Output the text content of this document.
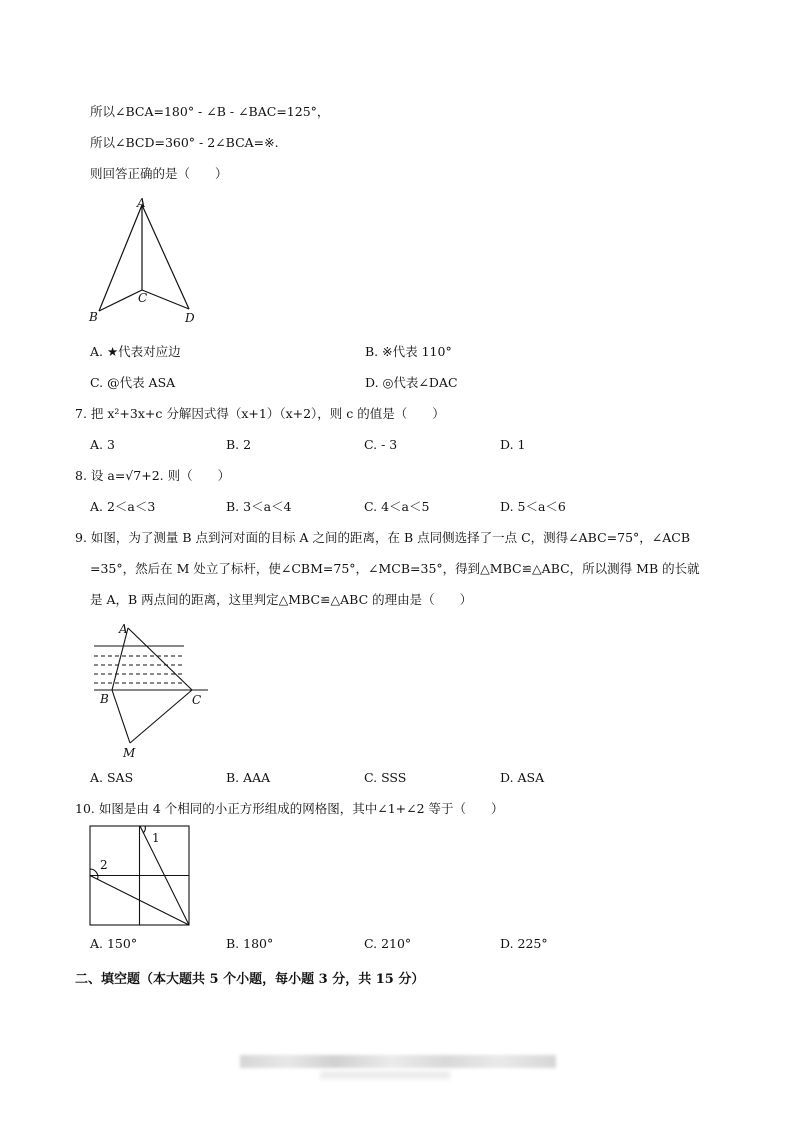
所以∠BCA=180° - ∠B - ∠BAC=125°，
所以∠BCD=360° - 2∠BCA=※.
则回答正确的是（　　）
A
B
C
D
A. ★代表对应边	B. ※代表 110°
C. @代表 ASA	D. ◎代表∠DAC
7. 把 x²+3x+c 分解因式得（x+1）（x+2），则 c 的值是（　　）
A. 3	B. 2	C. - 3	D. 1
8. 设 a=√7+2. 则（　　）
A. 2＜a＜3	B. 3＜a＜4	C. 4＜a＜5	D. 5＜a＜6
9. 如图，为了测量 B 点到河对面的目标 A 之间的距离，在 B 点同侧选择了一点 C，测得∠ABC=75°，∠ACB
=35°，然后在 M 处立了标杆，使∠CBM=75°，∠MCB=35°，得到△MBC≌△ABC，所以测得 MB 的长就
是 A，B 两点间的距离，这里判定△MBC≌△ABC 的理由是（　　）
A
B	C
M
A. SAS	B. AAA	C. SSS	D. ASA
10. 如图是由 4 个相同的小正方形组成的网格图，其中∠1+∠2 等于（　　）
1
2
A. 150°	B. 180°	C. 210°	D. 225°
二、填空题（本大题共 5 个小题，每小题 3 分，共 15 分）
